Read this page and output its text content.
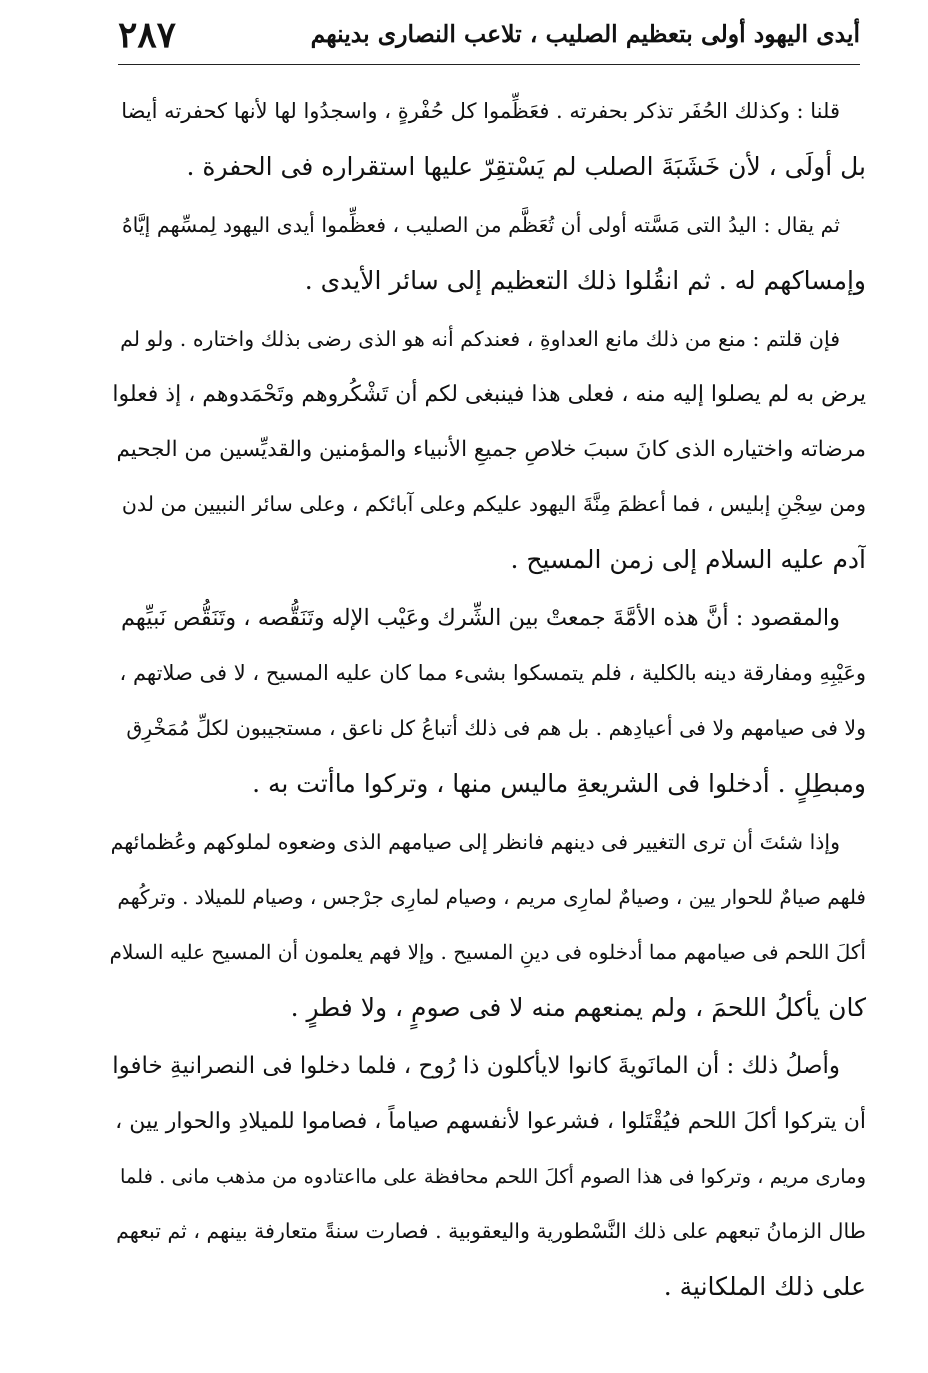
أيدى اليهود أولى بتعظيم الصليب ، تلاعب النصارى بدينهم
٢٨٧
قلنا : وكذلك الحُفَر تذكر بحفرته . فعَظِّموا كل حُفْرةٍ ، واسجدُوا لها لأنها كحفرته أيضا
بل أولَى ، لأن خَشَبَةَ الصلب لم يَسْتقِرّ عليها استقراره فى الحفرة .
ثم يقال : اليدُ التى مَسَّته أولى أن تُعَظَّم من الصليب ، فعظِّموا أيدى اليهود لِمسِّهم إيَّاهُ
وإمساكهم له . ثم انقُلوا ذلك التعظيم إلى سائر الأيدى .
فإن قلتم : منع من ذلك مانع العداوةِ ، فعندكم أنه هو الذى رضى بذلك واختاره . ولو لم
يرض به لم يصلوا إليه منه ، فعلى هذا فينبغى لكم أن تَشْكُروهم وتَحْمَدوهم ، إذ فعلوا
مرضاته واختياره الذى كانَ سببَ خلاصِ جميعِ الأنبياء والمؤمنين والقديِّسين من الجحيم
ومن سِجْنِ إبليس ، فما أعظمَ مِنَّةَ اليهود عليكم وعلى آبائكم ، وعلى سائر النبيين من لدن
آدم عليه السلام إلى زمن المسيح .
والمقصود : أنَّ هذه الأمَّةَ جمعتْ بين الشِّرك وعَيْب الإله وتَنَقُّصه ، وتَنَقُّص نَبيِّهم
وعَيْبِهِ ومفارقة دينه بالكلية ، فلم يتمسكوا بشىء مما كان عليه المسيح ، لا فى صلاتهم ،
ولا فى صيامهم ولا فى أعيادِهم . بل هم فى ذلك أتباعُ كل ناعق ، مستجيبون لكلِّ مُمَخْرِق
ومبطِلٍ . أدخلوا فى الشريعةِ ماليس منها ، وتركوا ماأتت به .
وإذا شئتَ أن ترى التغيير فى دينهم فانظر إلى صيامهم الذى وضعوه لملوكهم وعُظمائهم
فلهم صيامٌ للحوار يين ، وصيامٌ لمارِى مريم ، وصيام لمارِى جرْجس ، وصيام للميلاد . وتركُهم
أكلَ اللحم فى صيامهم مما أدخلوه فى دينِ المسيح . وإلا فهم يعلمون أن المسيح عليه السلام
كان يأكلُ اللحمَ ، ولم يمنعهم منه لا فى صومٍ ، ولا فطرٍ .
وأصلُ ذلك : أن المانَويةَ كانوا لايأكلون ذا رُوح ، فلما دخلوا فى النصرانيةِ خافوا
أن يتركوا أكلَ اللحم فيُقْتَلوا ، فشرعوا لأنفسهم صياماً ، فصاموا للميلادِ والحوار يين ،
ومارى مريم ، وتركوا فى هذا الصوم أكلَ اللحم محافظة على مااعتادوه من مذهب مانى . فلما
طال الزمانُ تبعهم على ذلك النَّسْطورية واليعقوبية . فصارت سنةً متعارفة بينهم ، ثم تبعهم
على ذلك الملكانية .
